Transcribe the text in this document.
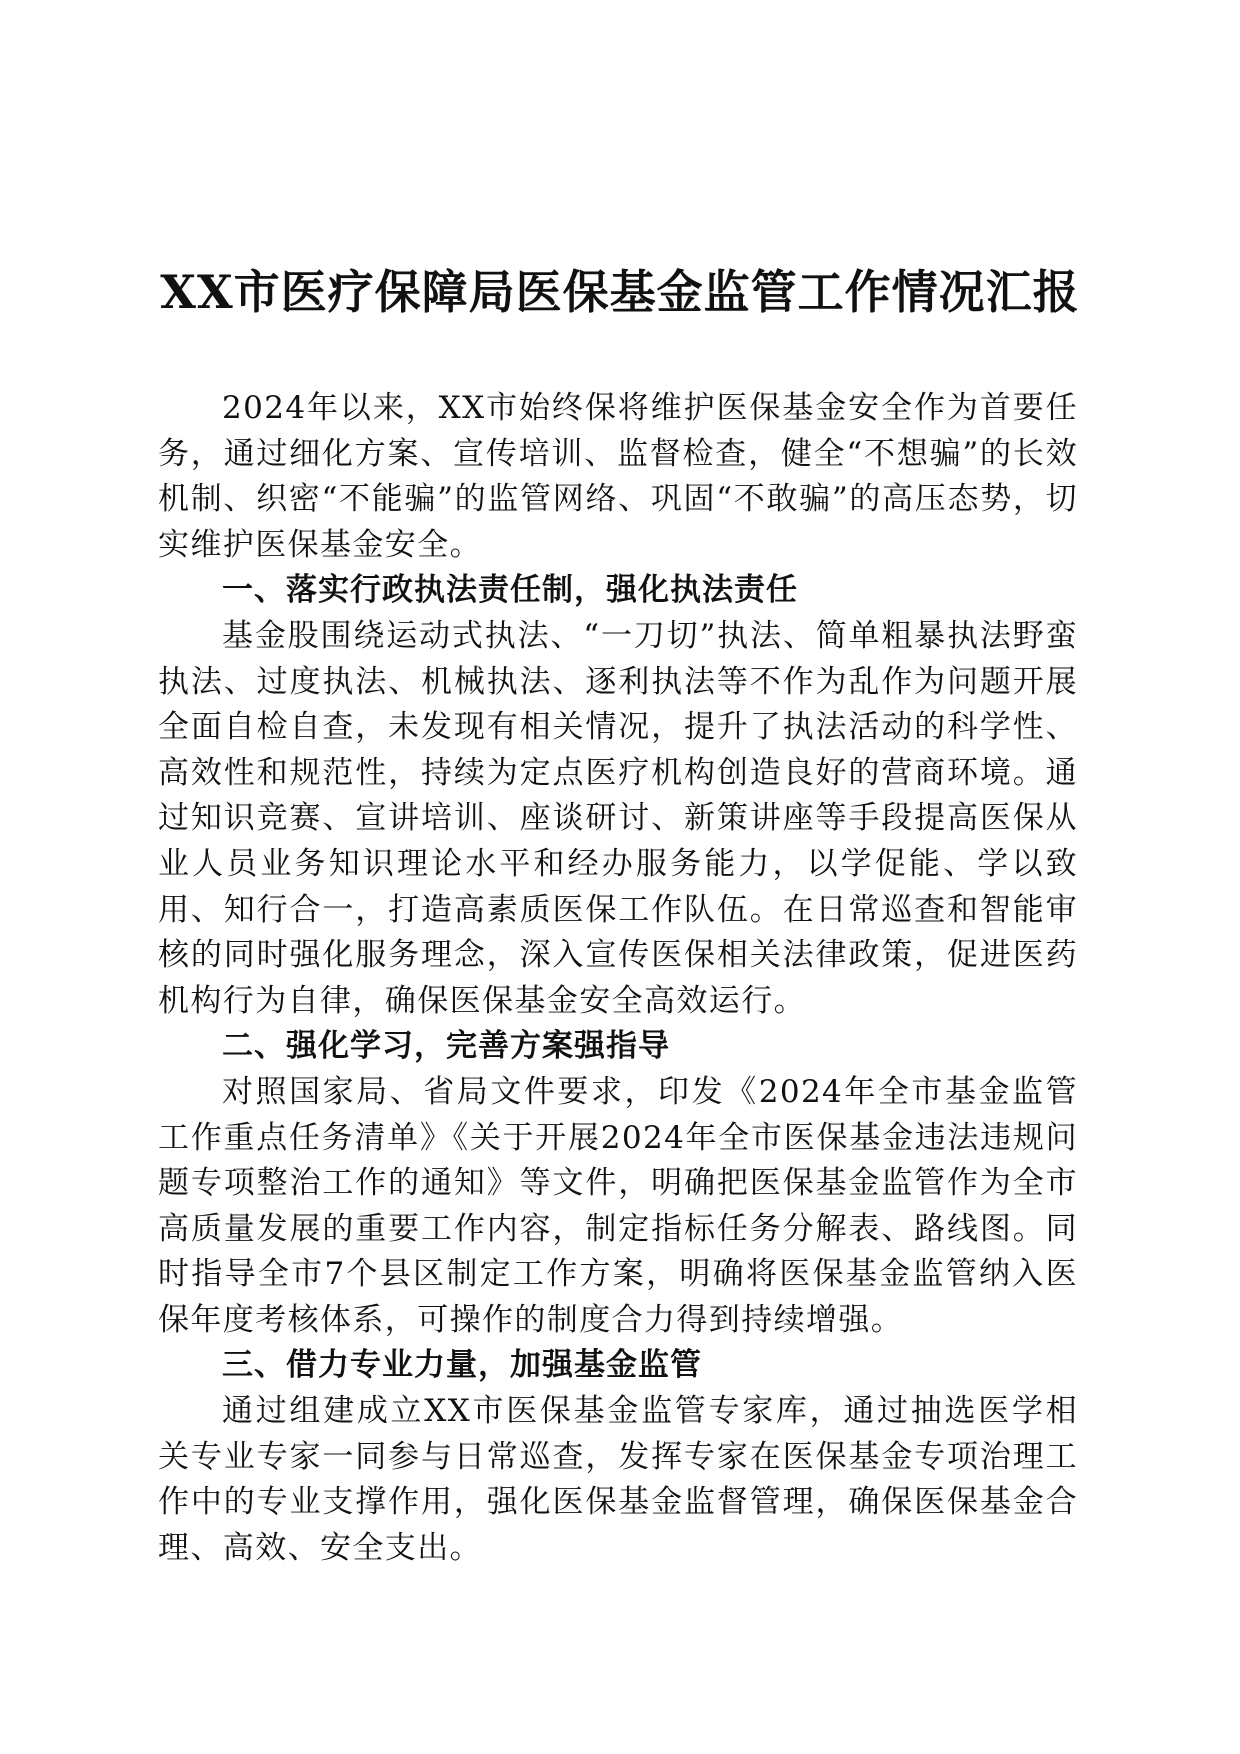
XX市医疗保障局医保基金监管工作情况汇报

2024年以来，XX市始终保将维护医保基金安全作为首要任务，通过细化方案、宣传培训、监督检查，健全“不想骗”的长效机制、织密“不能骗”的监管网络、巩固“不敢骗”的高压态势，切实维护医保基金安全。

一、落实行政执法责任制，强化执法责任

基金股围绕运动式执法、“一刀切”执法、简单粗暴执法野蛮执法、过度执法、机械执法、逐利执法等不作为乱作为问题开展全面自检自查，未发现有相关情况，提升了执法活动的科学性、高效性和规范性，持续为定点医疗机构创造良好的营商环境。通过知识竞赛、宣讲培训、座谈研讨、新策讲座等手段提高医保从业人员业务知识理论水平和经办服务能力，以学促能、学以致用、知行合一，打造高素质医保工作队伍。在日常巡查和智能审核的同时强化服务理念，深入宣传医保相关法律政策，促进医药机构行为自律，确保医保基金安全高效运行。

二、强化学习，完善方案强指导

对照国家局、省局文件要求，印发《2024年全市基金监管工作重点任务清单》《关于开展2024年全市医保基金违法违规问题专项整治工作的通知》等文件，明确把医保基金监管作为全市高质量发展的重要工作内容，制定指标任务分解表、路线图。同时指导全市7个县区制定工作方案，明确将医保基金监管纳入医保年度考核体系，可操作的制度合力得到持续增强。

三、借力专业力量，加强基金监管

通过组建成立XX市医保基金监管专家库，通过抽选医学相关专业专家一同参与日常巡查，发挥专家在医保基金专项治理工作中的专业支撑作用，强化医保基金监督管理，确保医保基金合理、高效、安全支出。
